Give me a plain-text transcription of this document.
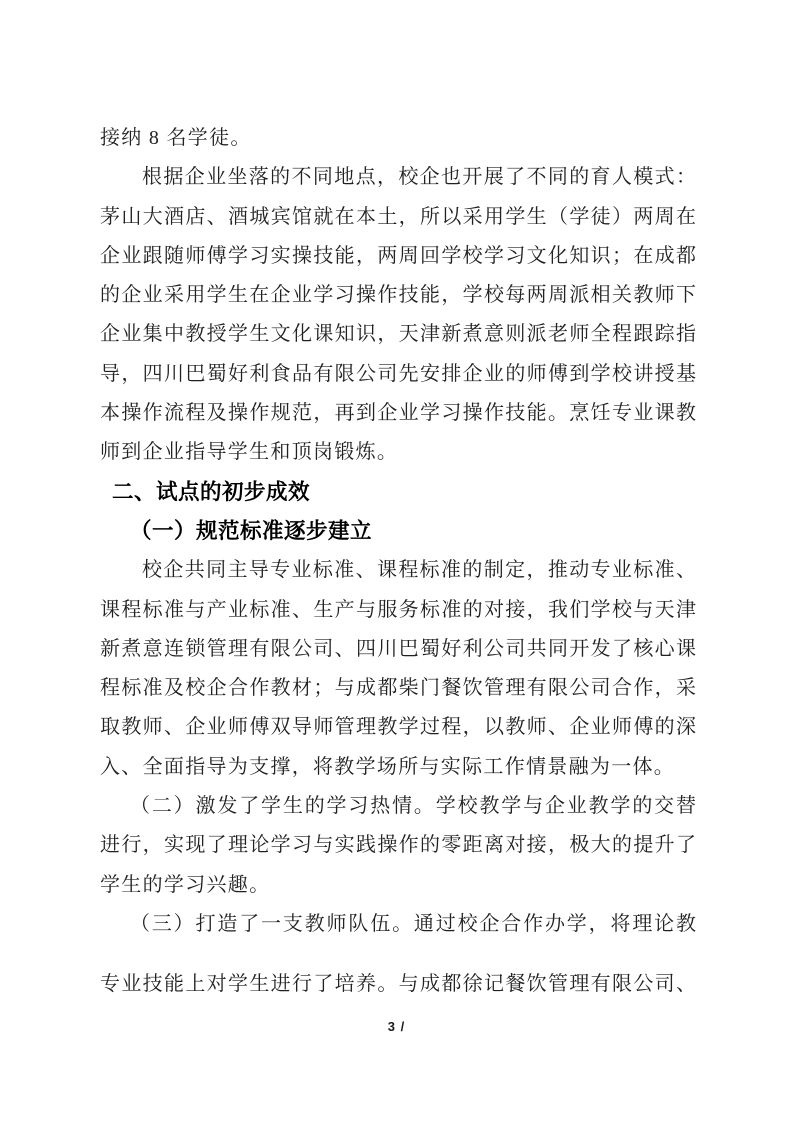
接纳 8 名学徒。
根据企业坐落的不同地点，校企也开展了不同的育人模式：
茅山大酒店、酒城宾馆就在本土，所以采用学生（学徒）两周在
企业跟随师傅学习实操技能，两周回学校学习文化知识；在成都
的企业采用学生在企业学习操作技能，学校每两周派相关教师下
企业集中教授学生文化课知识，天津新煮意则派老师全程跟踪指
导，四川巴蜀好利食品有限公司先安排企业的师傅到学校讲授基
本操作流程及操作规范，再到企业学习操作技能。烹饪专业课教
师到企业指导学生和顶岗锻炼。
二、试点的初步成效
（一）规范标准逐步建立
校企共同主导专业标准、课程标准的制定，推动专业标准、
课程标准与产业标准、生产与服务标准的对接，我们学校与天津
新煮意连锁管理有限公司、四川巴蜀好利公司共同开发了核心课
程标准及校企合作教材；与成都柴门餐饮管理有限公司合作，采
取教师、企业师傅双导师管理教学过程，以教师、企业师傅的深
入、全面指导为支撑，将教学场所与实际工作情景融为一体。
（二）激发了学生的学习热情。学校教学与企业教学的交替
进行，实现了理论学习与实践操作的零距离对接，极大的提升了
学生的学习兴趣。
（三）打造了一支教师队伍。通过校企合作办学，将理论教
专业技能上对学生进行了培养。与成都徐记餐饮管理有限公司、
3 /
